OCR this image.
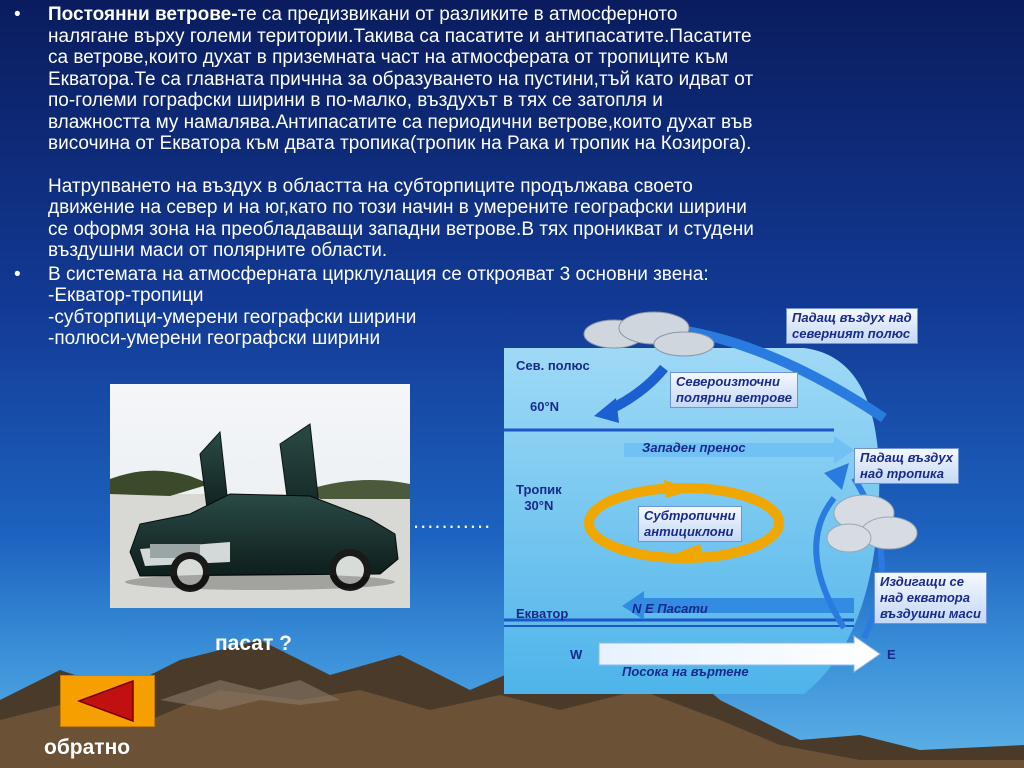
•	Постоянни ветрове-те са предизвикани от разликите в атмосферното
налягане върху големи територии.Такива са пасатите и антипасатите.Пасатите
са ветрове,които духат в приземната част на атмосферата от тропиците към
Екватора.Те са главната причнна за образуването на пустини,тъй като идват от
по-големи гографски ширини в по-малко, въздухът в тях се затопля и
влажността му намалява.Антипасатите са периодични ветрове,които духат във
височина от Екватора към двата тропика(тропик на Рака и тропик на Козирога).
Натрупването на въздух в областта на субторпиците продължава своето
движение на север и на юг,като по този начин в умерените географски ширини
се оформя зона на преобладаващи западни ветрове.В тях проникват и студени
въздушни маси от полярните области.
•	В системата на атмосферната цирклулация се открояват 3 основни звена:
-Екватор-тропици
-субторпици-умерени географски ширини
-полюси-умерени географски ширини
...........
пасат ?
обратно
Сев. полюс
60°N
Тропик
30°N
Екватор
Падащ въздух над
северният полюс
Североизточни
полярни ветрове
Западен пренос
Падащ въздух
над тропика
Субтропични
антициклони
Издигащи се
над екватора
въздушни маси
N E Пасати
Посока на въртене
W	E
